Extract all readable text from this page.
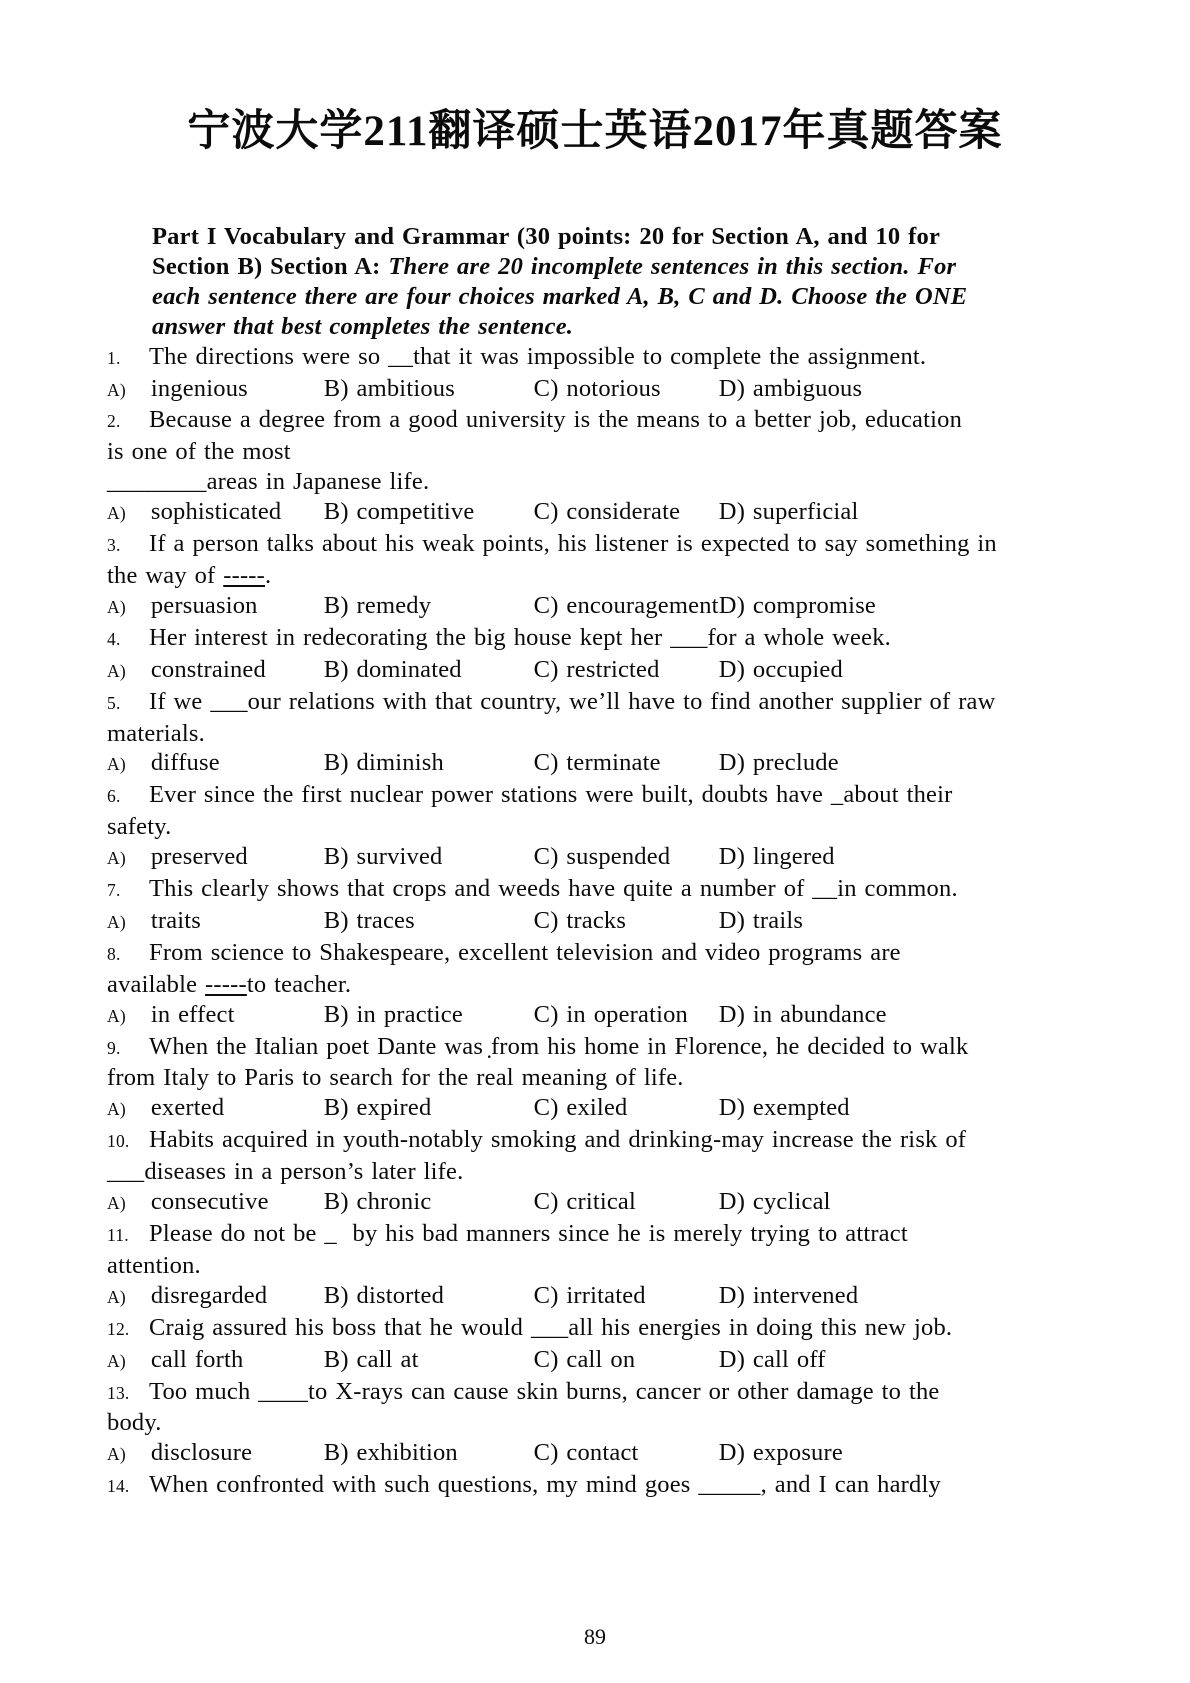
宁波大学211翻译硕士英语2017年真题答案
Part I Vocabulary and Grammar (30 points: 20 for Section A, and 10 for
Section B) Section A: There are 20 incomplete sentences in this section. For
each sentence there are four choices marked A, B, C and D. Choose the ONE
answer that best completes the sentence.
1. The directions were so __that it was impossible to complete the assignment.
A) ingenious	B) ambitious	C) notorious	D) ambiguous
2. Because a degree from a good university is the means to a better job, education
is one of the most
________areas in Japanese life.
A) sophisticated	B) competitive	C) considerate	D) superficial
3. If a person talks about his weak points, his listener is expected to say something in
the way of -----.
A) persuasion	B) remedy	C) encouragement D) compromise
4. Her interest in redecorating the big house kept her ___for a whole week.
A) constrained	B) dominated	C) restricted	D) occupied
5. If we ___our relations with that country, we’ll have to find another supplier of raw
materials.
A) diffuse	B) diminish	C) terminate	D) preclude
6. Ever since the first nuclear power stations were built, doubts have _about their
safety.
A) preserved	B) survived	C) suspended	D) lingered
7. This clearly shows that crops and weeds have quite a number of __in common.
A) traits	B) traces	C) tracks	D) trails
8. From science to Shakespeare, excellent television and video programs are
available -----to teacher.
A) in effect	B) in practice	C) in operation	D) in abundance
9. When the Italian poet Dante was ̣from his home in Florence, he decided to walk
from Italy to Paris to search for the real meaning of life.
A) exerted	B) expired	C) exiled	D) exempted
10. Habits acquired in youth-notably smoking and drinking-may increase the risk of
___diseases in a person’s later life.
A) consecutive	B) chronic	C) critical	D) cyclical
11. Please do not be _  by his bad manners since he is merely trying to attract
attention.
A) disregarded	B) distorted	C) irritated	D) intervened
12. Craig assured his boss that he would ___all his energies in doing this new job.
A) call forth	B) call at	C) call on	D) call off
13. Too much ____to X-rays can cause skin burns, cancer or other damage to the
body.
A) disclosure	B) exhibition	C) contact	D) exposure
14. When confronted with such questions, my mind goes _____, and I can hardly
89
